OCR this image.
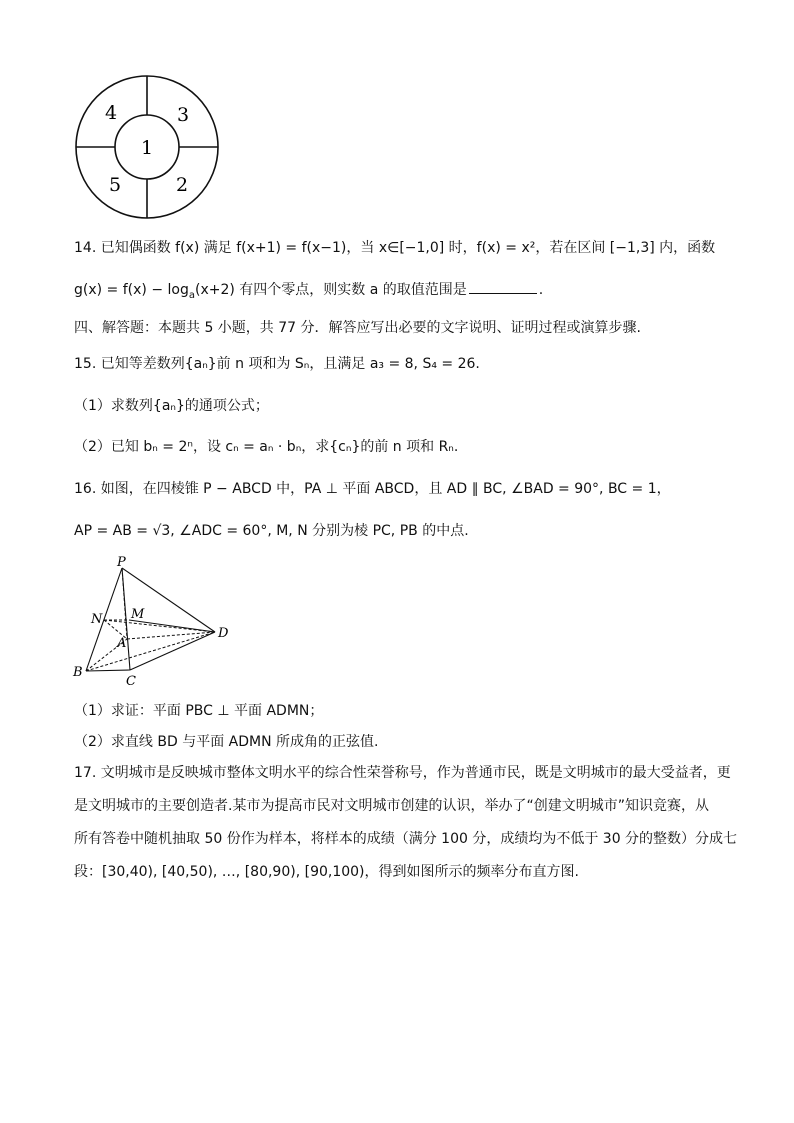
1
4	3
5	2
14. 已知偶函数 f(x) 满足 f(x+1) = f(x−1)，当 x∈[−1,0] 时，f(x) = x²，若在区间 [−1,3] 内，函数
$g(x) = f(x) - \log_a(x+2)$ 有四个零点，则实数 a 的取值范围是	.
四、解答题：本题共 5 小题，共 77 分．解答应写出必要的文字说明、证明过程或演算步骤.
15. 已知等差数列{aₙ}前 n 项和为 Sₙ，且满足 a₃ = 8, S₄ = 26.
（1）求数列{aₙ}的通项公式；
（2）已知 bₙ = 2ⁿ，设 cₙ = aₙ · bₙ，求{cₙ}的前 n 项和 Rₙ.
16. 如图，在四棱锥 P − ABCD 中，PA ⊥ 平面 ABCD，且 AD ∥ BC, ∠BAD = 90°, BC = 1，
AP = AB = √3, ∠ADC = 60°, M, N 分别为棱 PC, PB 的中点.
P
M
N
A
D
B
C
（1）求证：平面 PBC ⊥ 平面 ADMN；
（2）求直线 BD 与平面 ADMN 所成角的正弦值.
17. 文明城市是反映城市整体文明水平的综合性荣誉称号，作为普通市民，既是文明城市的最大受益者，更
是文明城市的主要创造者.某市为提高市民对文明城市创建的认识，举办了“创建文明城市”知识竞赛，从
所有答卷中随机抽取 50 份作为样本，将样本的成绩（满分 100 分，成绩均为不低于 30 分的整数）分成七
段：[30,40), [40,50), …, [80,90), [90,100)，得到如图所示的频率分布直方图.
